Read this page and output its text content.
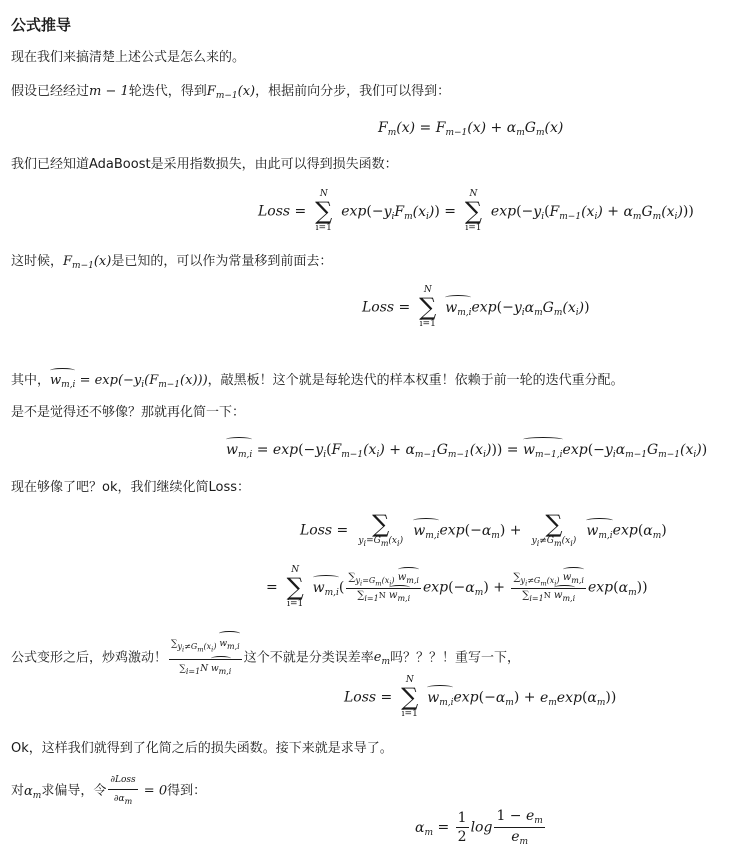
公式推导
现在我们来搞清楚上述公式是怎么来的。
假设已经经过m − 1轮迭代，得到$F_{m-1}(x)$，根据前向分步，我们可以得到：
$F_m(x) = F_{m-1}(x) + \alpha_mG_m(x)$
我们已经知道AdaBoost是采用指数损失，由此可以得到损失函数：
Loss =
N
∑
i=1
$\exp(-y_iF_m(x_i))$ =
N
∑
i=1
$\exp(-y_i(F_{m-1}(x_i) + \alpha_mG_m(x_i)))$
这时候，$F_{m-1}(x)$是已知的，可以作为常量移到前面去：
Loss =
N
∑
i=1
$w_{m,i}\exp(-y_i\alpha_mG_m(x_i))$
其中，$w_{m,i} = \exp(-y_i(F_{m-1}(x)))$，敲黑板！这个就是每轮迭代的样本权重！依赖于前一轮的迭代重分配。
是不是觉得还不够像？那就再化简一下：
$w_{m,i} = \exp(-y_i(F_{m-1}(x_i) + \alpha_{m-1}G_{m-1}(x_i))) = w_{m-1,i}\exp(-y_i\alpha_{m-1}G_{m-1}(x_i))$
现在够像了吧？ok，我们继续化简Loss：
Loss = ∑
yi=Gm(xi)
$w_{m,i}\exp(-\alpha_m)$ + ∑
yi≠Gm(xi)
$w_{m,i}\exp(\alpha_m)$
=
N
∑
i=1
$w_{m,i}( \frac{\sum_{y_i=G_m(x_i)} w_{m,i}}{\sum_{i=1}N w_{m,i}} \exp(-\alpha_m) + \frac{\sum_{y_i\ne G_m(x_i)} w_{m,i}}{\sum_{i=1}N w_{m,i}} \exp(\alpha_m))$
公式变形之后，炒鸡激动！ $\frac{\sum y_i\ne G_m(x_i) wm,i}{\text{∑i=1N wm,i}}$ 这个不就是分类误差率$e_m$吗？？？！重写一下，
Loss =
N
∑
i=1
$w_{m,i}\exp(-\alpha_m) + e_m\exp(\alpha_m)$)
Ok，这样我们就得到了化简之后的损失函数。接下来就是求导了。
对$\alpha_m$求偏导，令 $\frac{\text{∂Loss}}{\partial\alpha m} = 0$得到：
$\alpha_m = \frac{1}{2}$ $\log \frac{1 - e_m}{e_m}$
